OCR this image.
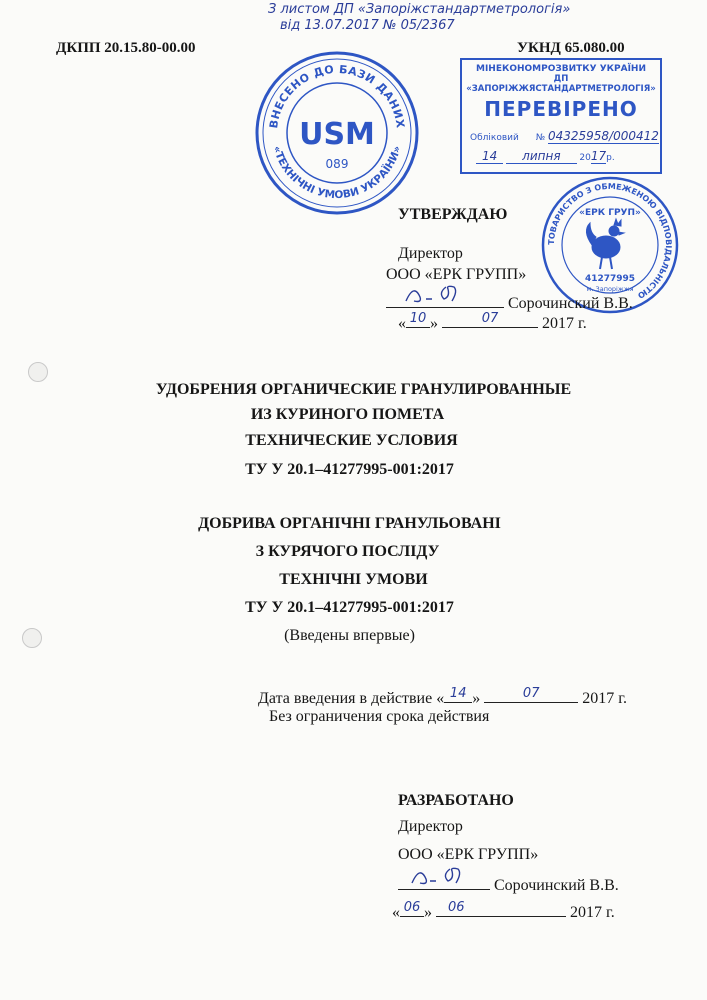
З листом ДП «Запоріжстандартметрологія»
від 13.07.2017 № 05/2367
ДКПП 20.15.80-00.00	УКНД 65.080.00
ВНЕСЕНО ДО БАЗИ ДАНИХ
«ТЕХНІЧНІ УМОВИ УКРАЇНИ»
USM
089
МІНЕКОНОМРОЗВИТКУ УКРАЇНИ
ДП «ЗАПОРІЖЖЯСТАНДАРТМЕТРОЛОГІЯ»
ПЕРЕВІРЕНО
Обліковий № 04325958/000412
14 липня 2017р.
ТОВАРИСТВО З ОБМЕЖЕНОЮ ВІДПОВІДАЛЬНІСТЮ
«ЕРК ГРУП»
41277995
м. Запоріжжя
УТВЕРЖДАЮ
Директор
ООО «ЕРК ГРУПП»
Сорочинский В.В.
« 10 »	07	2017 г.
УДОБРЕНИЯ ОРГАНИЧЕСКИЕ ГРАНУЛИРОВАННЫЕ
ИЗ КУРИНОГО ПОМЕТА
ТЕХНИЧЕСКИЕ УСЛОВИЯ
ТУ У 20.1–41277995-001:2017
ДОБРИВА ОРГАНІЧНІ ГРАНУЛЬОВАНІ
З КУРЯЧОГО ПОСЛІДУ
ТЕХНІЧНІ УМОВИ
ТУ У 20.1–41277995-001:2017
(Введены впервые)
Дата введения в действие « 14 »	07	2017 г.
Без ограничения срока действия
РАЗРАБОТАНО
Директор
ООО «ЕРК ГРУПП»
Сорочинский В.В.
« 06 »	06	2017 г.
